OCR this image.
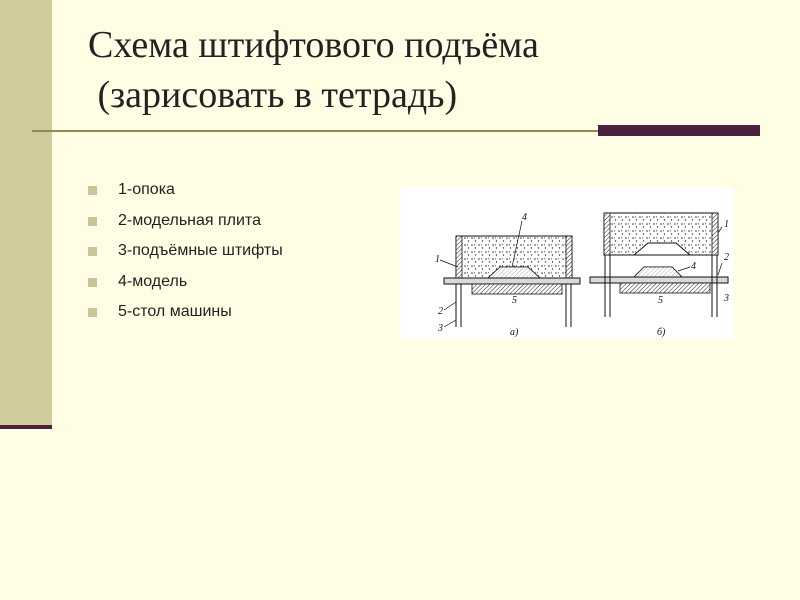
Схема штифтового подъёма
(зарисовать в тетрадь)
1-опока
2-модельная плита
3-подъёмные штифты
4-модель
5-стол машины
4
1
2
3
5
а)
4
1
2
3
5
б)
